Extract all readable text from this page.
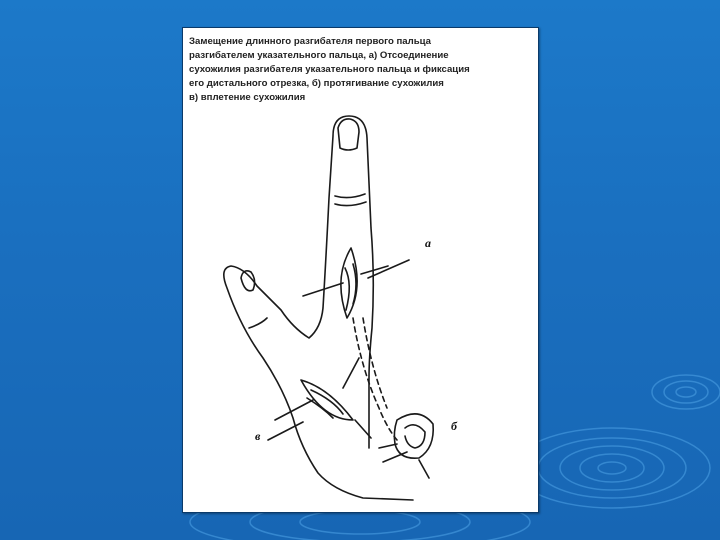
Замещение длинного разгибателя первого пальца
разгибателем указательного пальца, а) Отсоединение
сухожилия разгибателя указательного пальца и фиксация
его дистального отрезка, б) протягивание сухожилия
в) вплетение сухожилия
а
б
в
